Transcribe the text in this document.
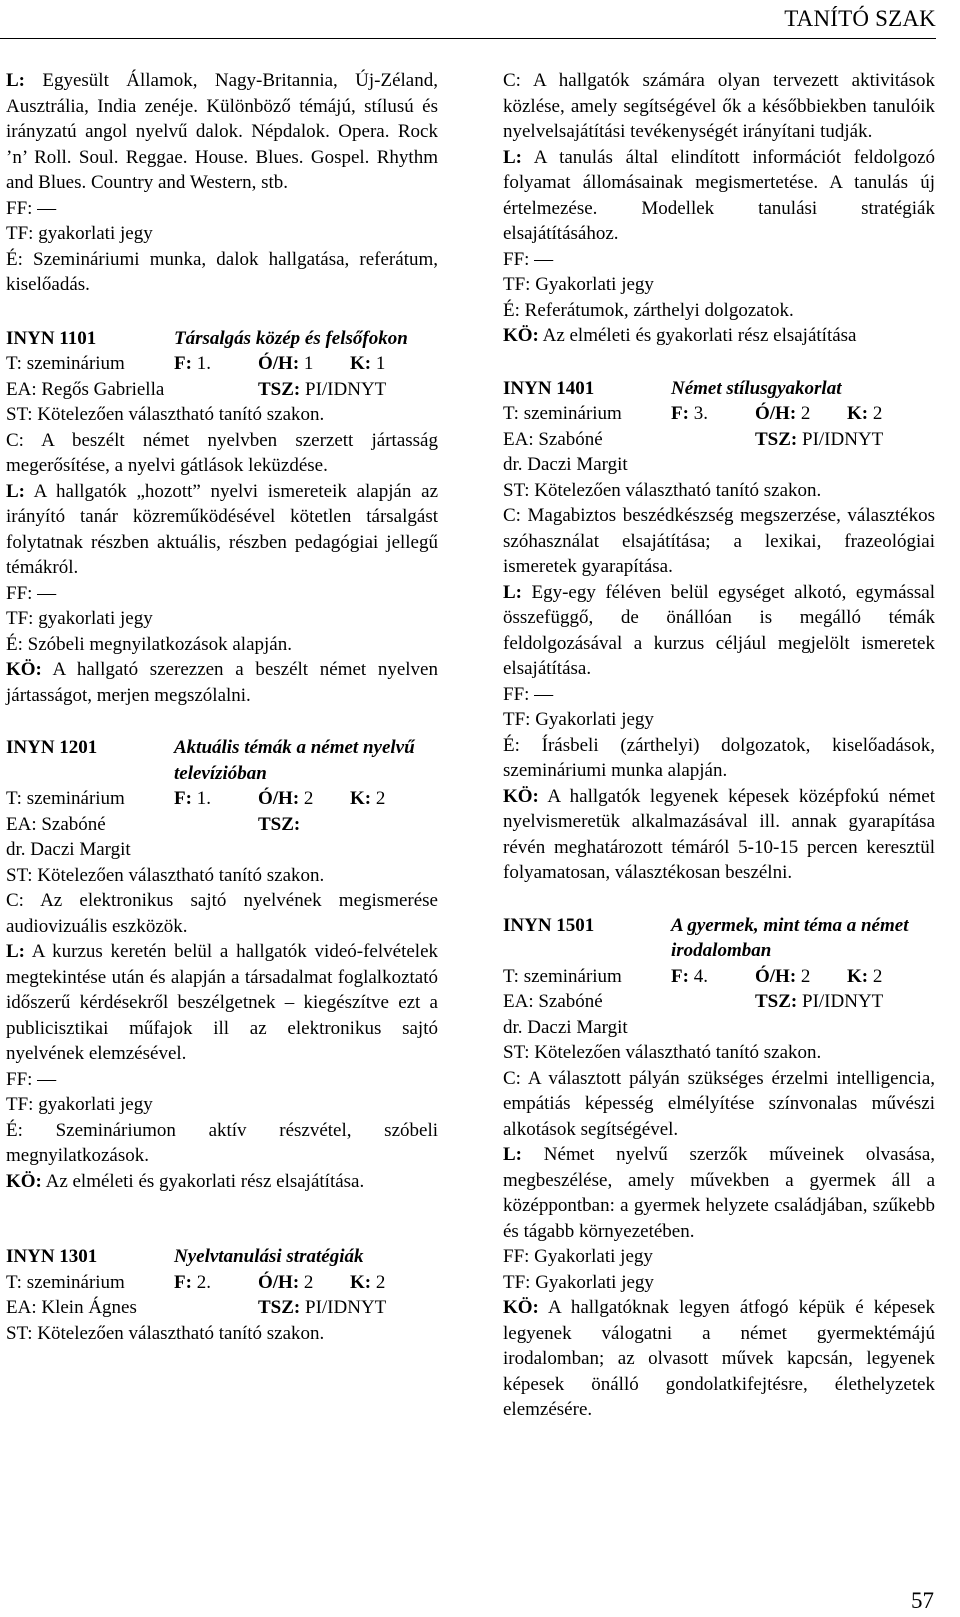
TANÍTÓ SZAK

L: Egyesült Államok, Nagy-Britannia, Új-Zéland, Ausztrália, India zenéje. Különböző témájú, stílusú és irányzatú angol nyelvű dalok. Népdalok. Opera. Rock ’n’ Roll. Soul. Reggae. House. Blues. Gospel. Rhythm and Blues. Country and Western, stb.

FF: —

TF: gyakorlati jegy

É: Szemináriumi munka, dalok hallgatása, referátum, kiselőadás.

INYN 1101	Társalgás közép és felsőfokon
T: szeminárium	F: 1.	Ó/H: 1	K: 1
EA: Regős Gabriella	TSZ: PI/IDNYT

ST: Kötelezően választható tanító szakon.

C: A beszélt német nyelvben szerzett jártasság megerősítése, a nyelvi gátlások leküzdése.

L: A hallgatók „hozott” nyelvi ismereteik alapján az irányító tanár közreműködésével kötetlen társalgást folytatnak részben aktuális, részben pedagógiai jellegű témákról.

FF: —

TF: gyakorlati jegy

É: Szóbeli megnyilatkozások alapján.

KÖ: A hallgató szerezzen a beszélt német nyelven jártasságot, merjen megszólalni.

INYN 1201	Aktuális témák a német nyelvű televízióban
T: szeminárium	F: 1.	Ó/H: 2	K: 2
EA: Szabóné	TSZ:

dr. Daczi Margit

ST: Kötelezően választható tanító szakon.

C: Az elektronikus sajtó nyelvének megismerése audiovizuális eszközök.

L: A kurzus keretén belül a hallgatók videó-felvételek megtekintése után és alapján a társadalmat foglalkoztató időszerű kérdésekről beszélgetnek – kiegészítve ezt a publicisztikai műfajok ill az elektronikus sajtó nyelvének elemzésével.

FF: —

TF: gyakorlati jegy

É: Szemináriumon aktív részvétel, szóbeli megnyilatkozások.

KÖ: Az elméleti és gyakorlati rész elsajátítása.

INYN 1301	Nyelvtanulási stratégiák
T: szeminárium	F: 2.	Ó/H: 2	K: 2
EA: Klein Ágnes	TSZ: PI/IDNYT

ST: Kötelezően választható tanító szakon.

C: A hallgatók számára olyan tervezett aktivitások közlése, amely segítségével ők a későbbiekben tanulóik nyelvelsajátítási tevékenységét irányítani tudják.

L: A tanulás által elindított információt feldolgozó folyamat állomásainak megismertetése. A tanulás új értelmezése. Modellek tanulási stratégiák elsajátításához.

FF: —

TF: Gyakorlati jegy

É: Referátumok, zárthelyi dolgozatok.

KÖ: Az elméleti és gyakorlati rész elsajátítása

INYN 1401	Német stílusgyakorlat
T: szeminárium	F: 3.	Ó/H: 2	K: 2
EA: Szabóné	TSZ: PI/IDNYT

dr. Daczi Margit

ST: Kötelezően választható tanító szakon.

C: Magabiztos beszédkészség megszerzése, választékos szóhasználat elsajátítása; a lexikai, frazeológiai ismeretek gyarapítása.

L: Egy-egy féléven belül egységet alkotó, egymással összefüggő, de önállóan is megálló témák feldolgozásával a kurzus céljául megjelölt ismeretek elsajátítása.

FF: —

TF: Gyakorlati jegy

É: Írásbeli (zárthelyi) dolgozatok, kiselőadások, szemináriumi munka alapján.

KÖ: A hallgatók legyenek képesek középfokú német nyelvismeretük alkalmazásával ill. annak gyarapítása révén meghatározott témáról 5-10-15 percen keresztül folyamatosan, választékosan beszélni.

INYN 1501	A gyermek, mint téma a német irodalomban
T: szeminárium	F: 4.	Ó/H: 2	K: 2
EA: Szabóné	TSZ: PI/IDNYT

dr. Daczi Margit

ST: Kötelezően választható tanító szakon.

C: A választott pályán szükséges érzelmi intelligencia, empátiás képesség elmélyítése színvonalas művészi alkotások segítségével.

L: Német nyelvű szerzők műveinek olvasása, megbeszélése, amely művekben a gyermek áll a középpontban: a gyermek helyzete családjában, szűkebb és tágabb környezetében.

FF: Gyakorlati jegy

TF: Gyakorlati jegy

KÖ: A hallgatóknak legyen átfogó képük é képesek legyenek válogatni a német gyermektémájú irodalomban; az olvasott művek kapcsán, legyenek képesek önálló gondolatkifejtésre, élethelyzetek elemzésére.

57
